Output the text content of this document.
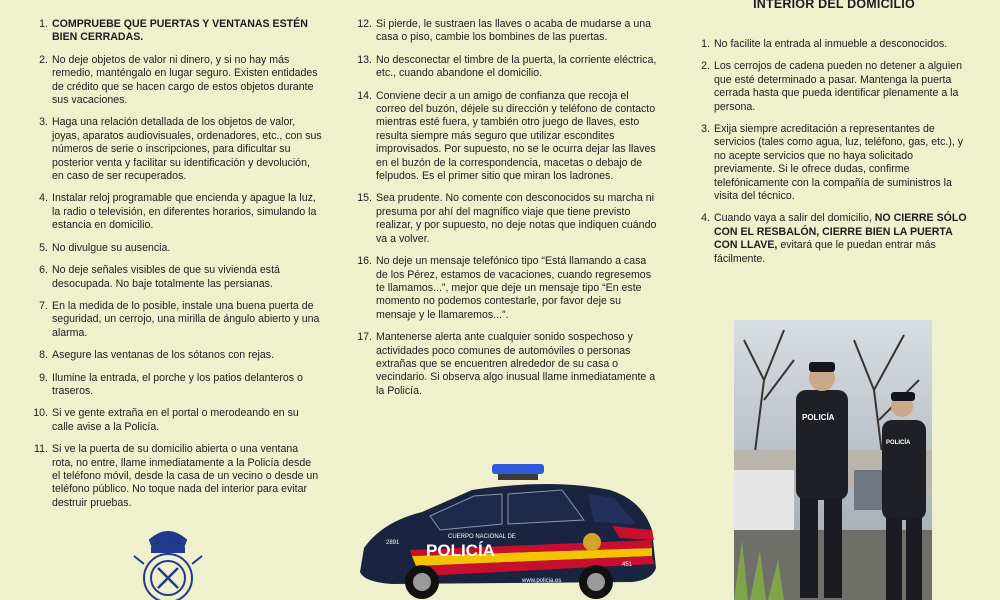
1. COMPRUEBE QUE PUERTAS Y VENTANAS ESTÉN BIEN CERRADAS.
2. No deje objetos de valor ni dinero, y si no hay más remedio, manténgalo en lugar seguro. Existen entidades de crédito que se hacen cargo de estos objetos durante sus vacaciones.
3. Haga una relación detallada de los objetos de valor, joyas, aparatos audiovisuales, ordenadores, etc., con sus números de serie o inscripciones, para dificultar su posterior venta y facilitar su identificación y devolución, en caso de ser recuperados.
4. Instalar reloj programable que encienda y apague la luz, la radio o televisión, en diferentes horarios, simulando la estancia en domicilio.
5. No divulgue su ausencia.
6. No deje señales visibles de que su vivienda está desocupada. No baje totalmente las persianas.
7. En la medida de lo posible, instale una buena puerta de seguridad, un cerrojo, una mirilla de ángulo abierto y una alarma.
8. Asegure las ventanas de los sótanos con rejas.
9. Ilumine la entrada, el porche y los patios delanteros o traseros.
10. Si ve gente extraña en el portal o merodeando en su calle avise a la Policía.
11. Si ve la puerta de su domicilio abierta o una ventana rota, no entre, llame inmediatamente a la Policía desde el teléfono móvil, desde la casa de un vecino o desde un teléfono público. No toque nada del interior para evitar destruir pruebas.
12. Si pierde, le sustraen las llaves o acaba de mudarse a una casa o piso, cambie los bombines de las puertas.
13. No desconectar el timbre de la puerta, la corriente eléctrica, etc., cuando abandone el domicilio.
14. Conviene decir a un amigo de confianza que recoja el correo del buzón, déjele su dirección y teléfono de contacto mientras esté fuera, y también otro juego de llaves, esto resulta siempre más seguro que utilizar escondites improvisados. Por supuesto, no se le ocurra dejar las llaves en el buzón de la correspondencia, macetas o debajo de felpudos. Es el primer sitio que miran los ladrones.
15. Sea prudente. No comente con desconocidos su marcha ni presuma por ahí del magnífico viaje que tiene previsto realizar, y por supuesto, no deje notas que indiquen cuándo va a volver.
16. No deje un mensaje telefónico tipo “Está llamando a casa de los Pérez, estamos de vacaciones, cuando regresemos te llamamos...”, mejor que deje un mensaje tipo “En este momento no podemos contestarle, por favor deje su mensaje y le llamaremos...”.
17. Mantenerse alerta ante cualquier sonido sospechoso y actividades poco comunes de automóviles o personas extrañas que se encuentren alrededor de su casa o vecindario. Si observa algo inusual llame inmediatamente a la Policía.
CUERPO NACIONAL DE
POLICÍA
2891
451
www.policia.es
INTERIOR DEL DOMICILIO
1. No facilite la entrada al inmueble a desconocidos.
2. Los cerrojos de cadena pueden no detener a alguien que esté determinado a pasar. Mantenga la puerta cerrada hasta que pueda identificar plenamente a la persona.
3. Exija siempre acreditación a representantes de servicios (tales como agua, luz, teléfono, gas, etc.), y no acepte servicios que no haya solicitado previamente. Si le ofrece dudas, confirme telefónicamente con la compañía de suministros la visita del técnico.
4. Cuando vaya a salir del domicilio, NO CIERRE SÓLO CON EL RESBALÓN, CIERRE BIEN LA PUERTA CON LLAVE, evitará que le puedan entrar más fácilmente.
POLICÍA
POLICÍA
